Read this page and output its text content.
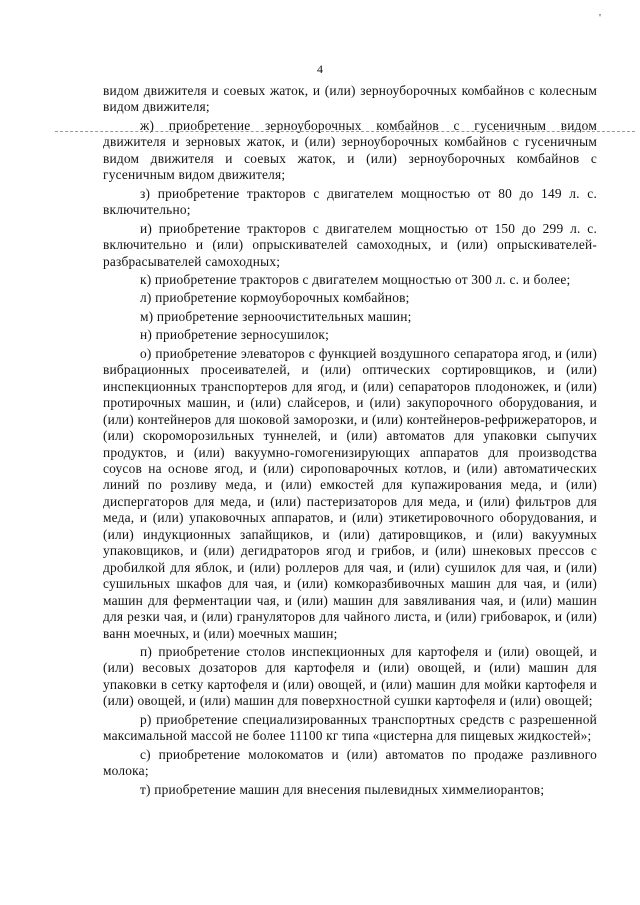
'
4

видом движителя и соевых жаток, и (или) зерноуборочных комбайнов с колесным видом движителя;

ж) приобретение зерноуборочных комбайнов с гусеничным видом движителя и зерновых жаток, и (или) зерноуборочных комбайнов с гусеничным видом движителя и соевых жаток, и (или) зерноуборочных комбайнов с гусеничным видом движителя;

з) приобретение тракторов с двигателем мощностью от 80 до 149 л. с. включительно;

и) приобретение тракторов с двигателем мощностью от 150 до 299 л. с. включительно и (или) опрыскивателей самоходных, и (или) опрыскивателей-разбрасывателей самоходных;

к) приобретение тракторов с двигателем мощностью от 300 л. с. и более;

л) приобретение кормоуборочных комбайнов;

м) приобретение зерноочистительных машин;

н) приобретение зерносушилок;

о) приобретение элеваторов с функцией воздушного сепаратора ягод, и (или) вибрационных просеивателей, и (или) оптических сортировщиков, и (или) инспекционных транспортеров для ягод, и (или) сепараторов плодоножек, и (или) протирочных машин, и (или) слайсеров, и (или) закупорочного оборудования, и (или) контейнеров для шоковой заморозки, и (или) контейнеров-рефрижераторов, и (или) скороморозильных туннелей, и (или) автоматов для упаковки сыпучих продуктов, и (или) вакуумно-гомогенизирующих аппаратов для производства соусов на основе ягод, и (или) сироповарочных котлов, и (или) автоматических линий по розливу меда, и (или) емкостей для купажирования меда, и (или) диспергаторов для меда, и (или) пастеризаторов для меда, и (или) фильтров для меда, и (или) упаковочных аппаратов, и (или) этикетировочного оборудования, и (или) индукционных запайщиков, и (или) датировщиков, и (или) вакуумных упаковщиков, и (или) дегидраторов ягод и грибов, и (или) шнековых прессов с дробилкой для яблок, и (или) роллеров для чая, и (или) сушилок для чая, и (или) сушильных шкафов для чая, и (или) комкоразбивочных машин для чая, и (или) машин для ферментации чая, и (или) машин для завяливания чая, и (или) машин для резки чая, и (или) грануляторов для чайного листа, и (или) грибоварок, и (или) ванн моечных, и (или) моечных машин;

п) приобретение столов инспекционных для картофеля и (или) овощей, и (или) весовых дозаторов для картофеля и (или) овощей, и (или) машин для упаковки в сетку картофеля и (или) овощей, и (или) машин для мойки картофеля и (или) овощей, и (или) машин для поверхностной сушки картофеля и (или) овощей;

р) приобретение специализированных транспортных средств с разрешенной максимальной массой не более 11100 кг типа «цистерна для пищевых жидкостей»;

с) приобретение молокоматов и (или) автоматов по продаже разливного молока;

т) приобретение машин для внесения пылевидных химмелиорантов;
